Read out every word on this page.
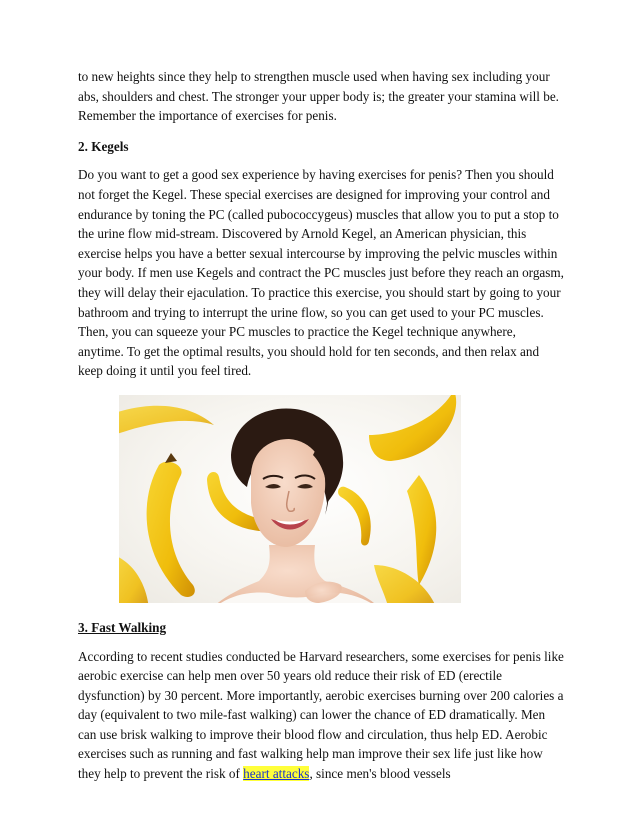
to new heights since they help to strengthen muscle used when having sex including your abs, shoulders and chest. The stronger your upper body is; the greater your stamina will be. Remember the importance of exercises for penis.

2. Kegels

Do you want to get a good sex experience by having exercises for penis? Then you should not forget the Kegel. These special exercises are designed for improving your control and endurance by toning the PC (called pubococcygeus) muscles that allow you to put a stop to the urine flow mid-stream. Discovered by Arnold Kegel, an American physician, this exercise helps you have a better sexual intercourse by improving the pelvic muscles within your body. If men use Kegels and contract the PC muscles just before they reach an orgasm, they will delay their ejaculation. To practice this exercise, you should start by going to your bathroom and trying to interrupt the urine flow, so you can get used to your PC muscles. Then, you can squeeze your PC muscles to practice the Kegel technique anywhere, anytime. To get the optimal results, you should hold for ten seconds, and then relax and keep doing it until you feel tired.

3. Fast Walking

According to recent studies conducted be Harvard researchers, some exercises for penis like aerobic exercise can help men over 50 years old reduce their risk of ED (erectile dysfunction) by 30 percent. More importantly, aerobic exercises burning over 200 calories a day (equivalent to two mile-fast walking) can lower the chance of ED dramatically. Men can use brisk walking to improve their blood flow and circulation, thus help ED. Aerobic exercises such as running and fast walking help man improve their sex life just like how they help to prevent the risk of heart attacks, since men's blood vessels
